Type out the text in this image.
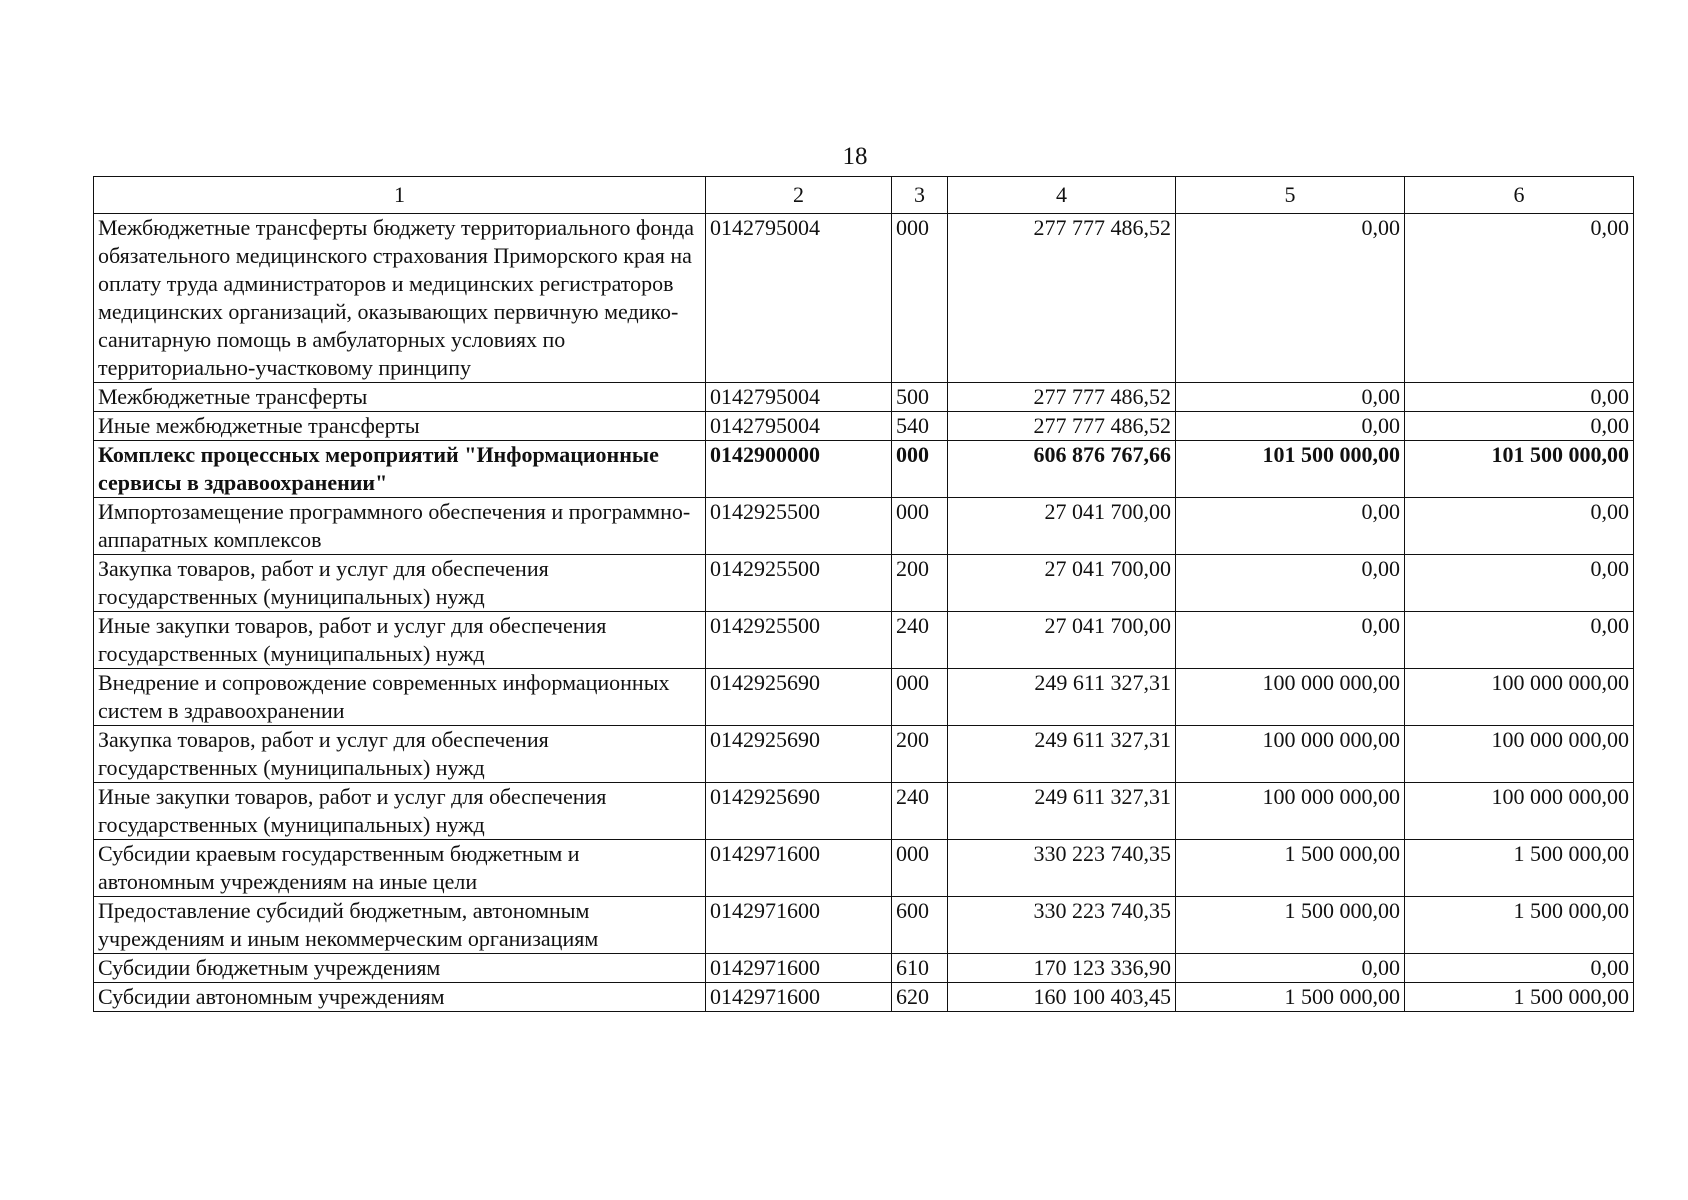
18
1	2	3	4	5	6
Межбюджетные трансферты бюджету территориального фонда обязательного медицинского страхования Приморского края на оплату труда администраторов и медицинских регистраторов медицинских организаций, оказывающих первичную медико-санитарную помощь в амбулаторных условиях по территориально-участковому принципу	0142795004	000	277 777 486,52	0,00	0,00
Межбюджетные трансферты	0142795004	500	277 777 486,52	0,00	0,00
Иные межбюджетные трансферты	0142795004	540	277 777 486,52	0,00	0,00
Комплекс процессных мероприятий "Информационные сервисы в здравоохранении"	0142900000	000	606 876 767,66	101 500 000,00	101 500 000,00
Импортозамещение программного обеспечения и программно-аппаратных комплексов	0142925500	000	27 041 700,00	0,00	0,00
Закупка товаров, работ и услуг для обеспечения государственных (муниципальных) нужд	0142925500	200	27 041 700,00	0,00	0,00
Иные закупки товаров, работ и услуг для обеспечения государственных (муниципальных) нужд	0142925500	240	27 041 700,00	0,00	0,00
Внедрение и сопровождение современных информационных систем в здравоохранении	0142925690	000	249 611 327,31	100 000 000,00	100 000 000,00
Закупка товаров, работ и услуг для обеспечения государственных (муниципальных) нужд	0142925690	200	249 611 327,31	100 000 000,00	100 000 000,00
Иные закупки товаров, работ и услуг для обеспечения государственных (муниципальных) нужд	0142925690	240	249 611 327,31	100 000 000,00	100 000 000,00
Субсидии краевым государственным бюджетным и автономным учреждениям на иные цели	0142971600	000	330 223 740,35	1 500 000,00	1 500 000,00
Предоставление субсидий бюджетным, автономным учреждениям и иным некоммерческим организациям	0142971600	600	330 223 740,35	1 500 000,00	1 500 000,00
Субсидии бюджетным учреждениям	0142971600	610	170 123 336,90	0,00	0,00
Субсидии автономным учреждениям	0142971600	620	160 100 403,45	1 500 000,00	1 500 000,00
